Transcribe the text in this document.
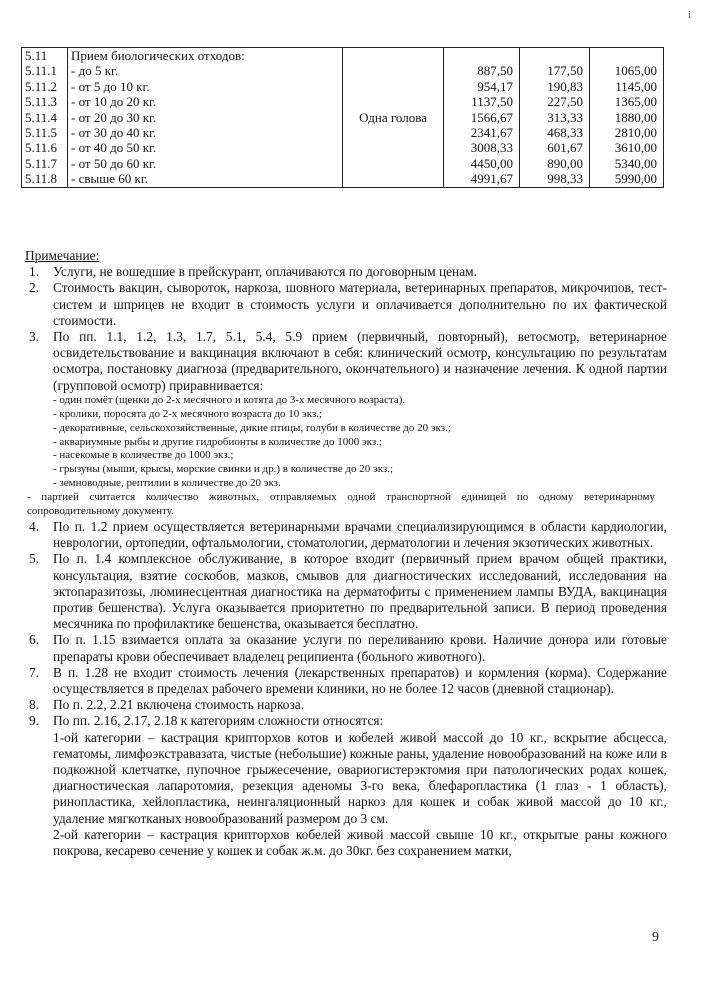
i
5.11	Прием биологических отходов:				
5.11.1	- до 5 кг.		887,50	177,50	1065,00
5.11.2	- от 5 до 10 кг.		954,17	190,83	1145,00
5.11.3	- от 10 до 20 кг.		1137,50	227,50	1365,00
5.11.4	- от 20 до 30 кг.	Одна голова	1566,67	313,33	1880,00
5.11.5	- от 30 до 40 кг.		2341,67	468,33	2810,00
5.11.6	- от 40 до 50 кг.		3008,33	601,67	3610,00
5.11.7	- от 50 до 60 кг.		4450,00	890,00	5340,00
5.11.8	- свыше 60 кг.		4991,67	998,33	5990,00
Примечание:
1. Услуги, не вошедшие в прейскурант, оплачиваются по договорным ценам.
2. Стоимость вакцин, сывороток, наркоза, шовного материала, ветеринарных препаратов, микрочипов, тест-систем и шприцев не входит в стоимость услуги и оплачивается дополнительно по их фактической стоимости.
3. По пп. 1.1, 1.2, 1.3, 1.7, 5.1, 5.4, 5.9 прием (первичный, повторный), ветосмотр, ветеринарное освидетельствование и вакцинация включают в себя: клинический осмотр, консультацию по результатам осмотра, постановку диагноза (предварительного, окончательного) и назначение лечения. К одной партии (групповой осмотр) приравнивается:
- один помёт (щенки до 2-х месячного и котята до 3-х месячного возраста).
- кролики, поросята до 2-х месячного возраста до 10 экз.;
- декоративные, сельскохозяйственные, дикие птицы, голуби в количестве до 20 экз.;
- аквариумные рыбы и другие гидробионты в количестве до 1000 экз.;
- насекомые в количестве до 1000 экз.;
- грызуны (мыши, крысы, морские свинки и др.) в количестве до 20 экз.;
- земноводные, рептилии в количестве до 20 экз.
- партией считается количество животных, отправляемых одной транспортной единицей по одному ветеринарному сопроводительному документу.
4. По п. 1.2 прием осуществляется ветеринарными врачами специализирующимся в области кардиологии, неврологии, ортопедии, офтальмологии, стоматологии, дерматологии и лечения экзотических животных.
5. По п. 1.4 комплексное обслуживание, в которое входит (первичный прием врачом общей практики, консультация, взятие соскобов, мазков, смывов для диагностических исследований, исследования на эктопаразитозы, люминесцентная диагностика на дерматофиты с применением лампы ВУДА, вакцинация против бешенства). Услуга оказывается приоритетно по предварительной записи. В период проведения месячника по профилактике бешенства, оказывается бесплатно.
6. По п. 1.15 взимается оплата за оказание услуги по переливанию крови. Наличие донора или готовые препараты крови обеспечивает владелец реципиента (больного животного).
7. В п. 1.28 не входит стоимость лечения (лекарственных препаратов) и кормления (корма). Содержание осуществляется в пределах рабочего времени клиники, но не более 12 часов (дневной стационар).
8. По п. 2.2, 2.21 включена стоимость наркоза.
9. По пп. 2.16, 2.17, 2.18 к категориям сложности относятся:
1-ой категории – кастрация крипторхов котов и кобелей живой массой до 10 кг., вскрытие абсцесса, гематомы, лимфоэкстравазата, чистые (небольшие) кожные раны, удаление новообразований на коже или в подкожной клетчатке, пупочное грыжесечение, овариогистерэктомия при патологических родах кошек, диагностическая лапаротомия, резекция аденомы 3-го века, блефаропластика (1 глаз - 1 область), ринопластика, хейлопластика, неингаляционный наркоз для кошек и собак живой массой до 10 кг., удаление мягкотканых новообразований размером до 3 см.
2-ой категории – кастрация крипторхов кобелей живой массой свыше 10 кг., открытые раны кожного покрова, кесарево сечение у кошек и собак ж.м. до 30кг. без сохранением матки,
9
